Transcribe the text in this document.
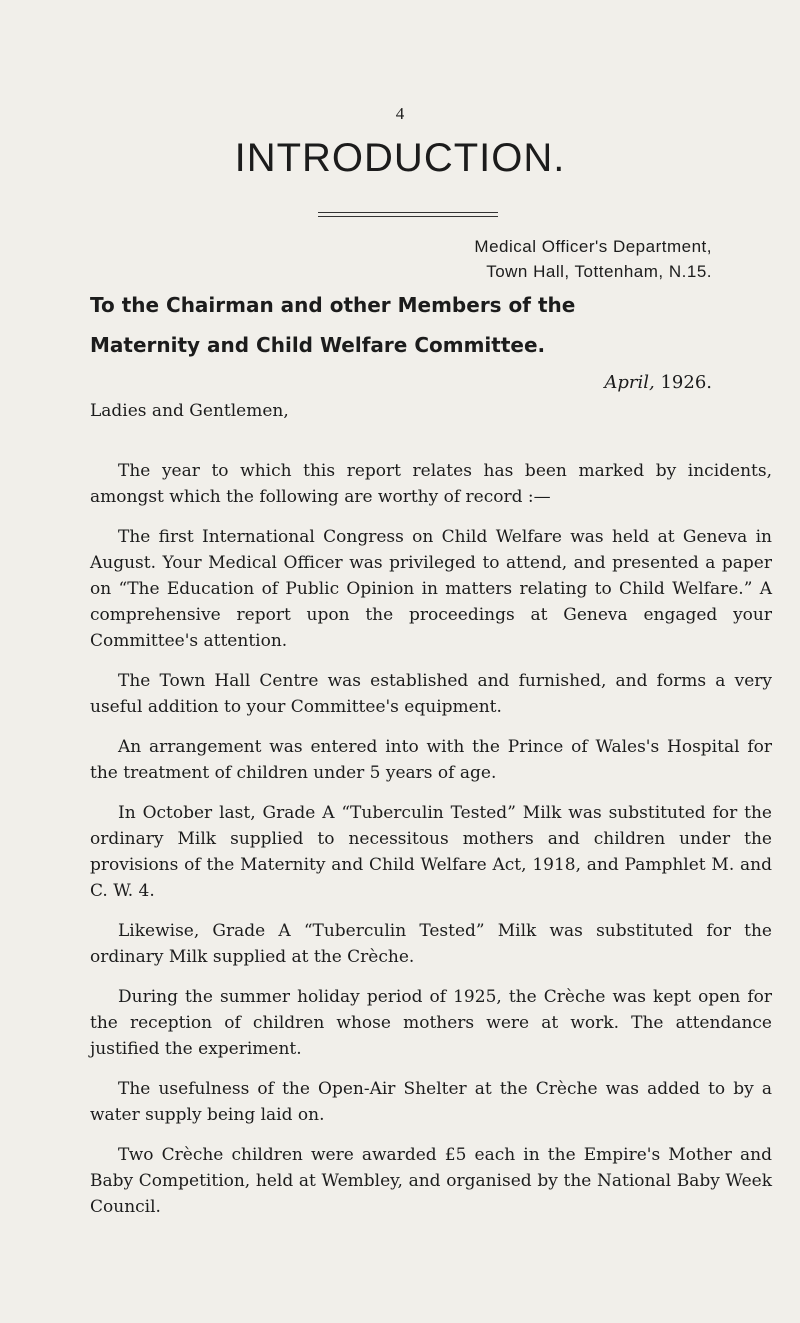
4
INTRODUCTION.
Medical Officer's Department,
Town Hall, Tottenham, N.15.
To the Chairman and other Members of the
Maternity and Child Welfare Committee.
April, 1926.
Ladies and Gentlemen,

The year to which this report relates has been marked by incidents, amongst which the following are worthy of record :—

The first International Congress on Child Welfare was held at Geneva in August. Your Medical Officer was privileged to attend, and presented a paper on “The Education of Public Opinion in matters relating to Child Welfare.” A comprehensive report upon the proceedings at Geneva engaged your Committee's attention.

The Town Hall Centre was established and furnished, and forms a very useful addition to your Committee's equipment.

An arrangement was entered into with the Prince of Wales's Hospital for the treatment of children under 5 years of age.

In October last, Grade A “Tuberculin Tested” Milk was substituted for the ordinary Milk supplied to necessitous mothers and children under the provisions of the Maternity and Child Welfare Act, 1918, and Pamphlet M. and C. W. 4.

Likewise, Grade A “Tuberculin Tested” Milk was substituted for the ordinary Milk supplied at the Crèche.

During the summer holiday period of 1925, the Crèche was kept open for the reception of children whose mothers were at work. The attendance justified the experiment.

The usefulness of the Open-Air Shelter at the Crèche was added to by a water supply being laid on.

Two Crèche children were awarded £5 each in the Empire's Mother and Baby Competition, held at Wembley, and organised by the National Baby Week Council.
